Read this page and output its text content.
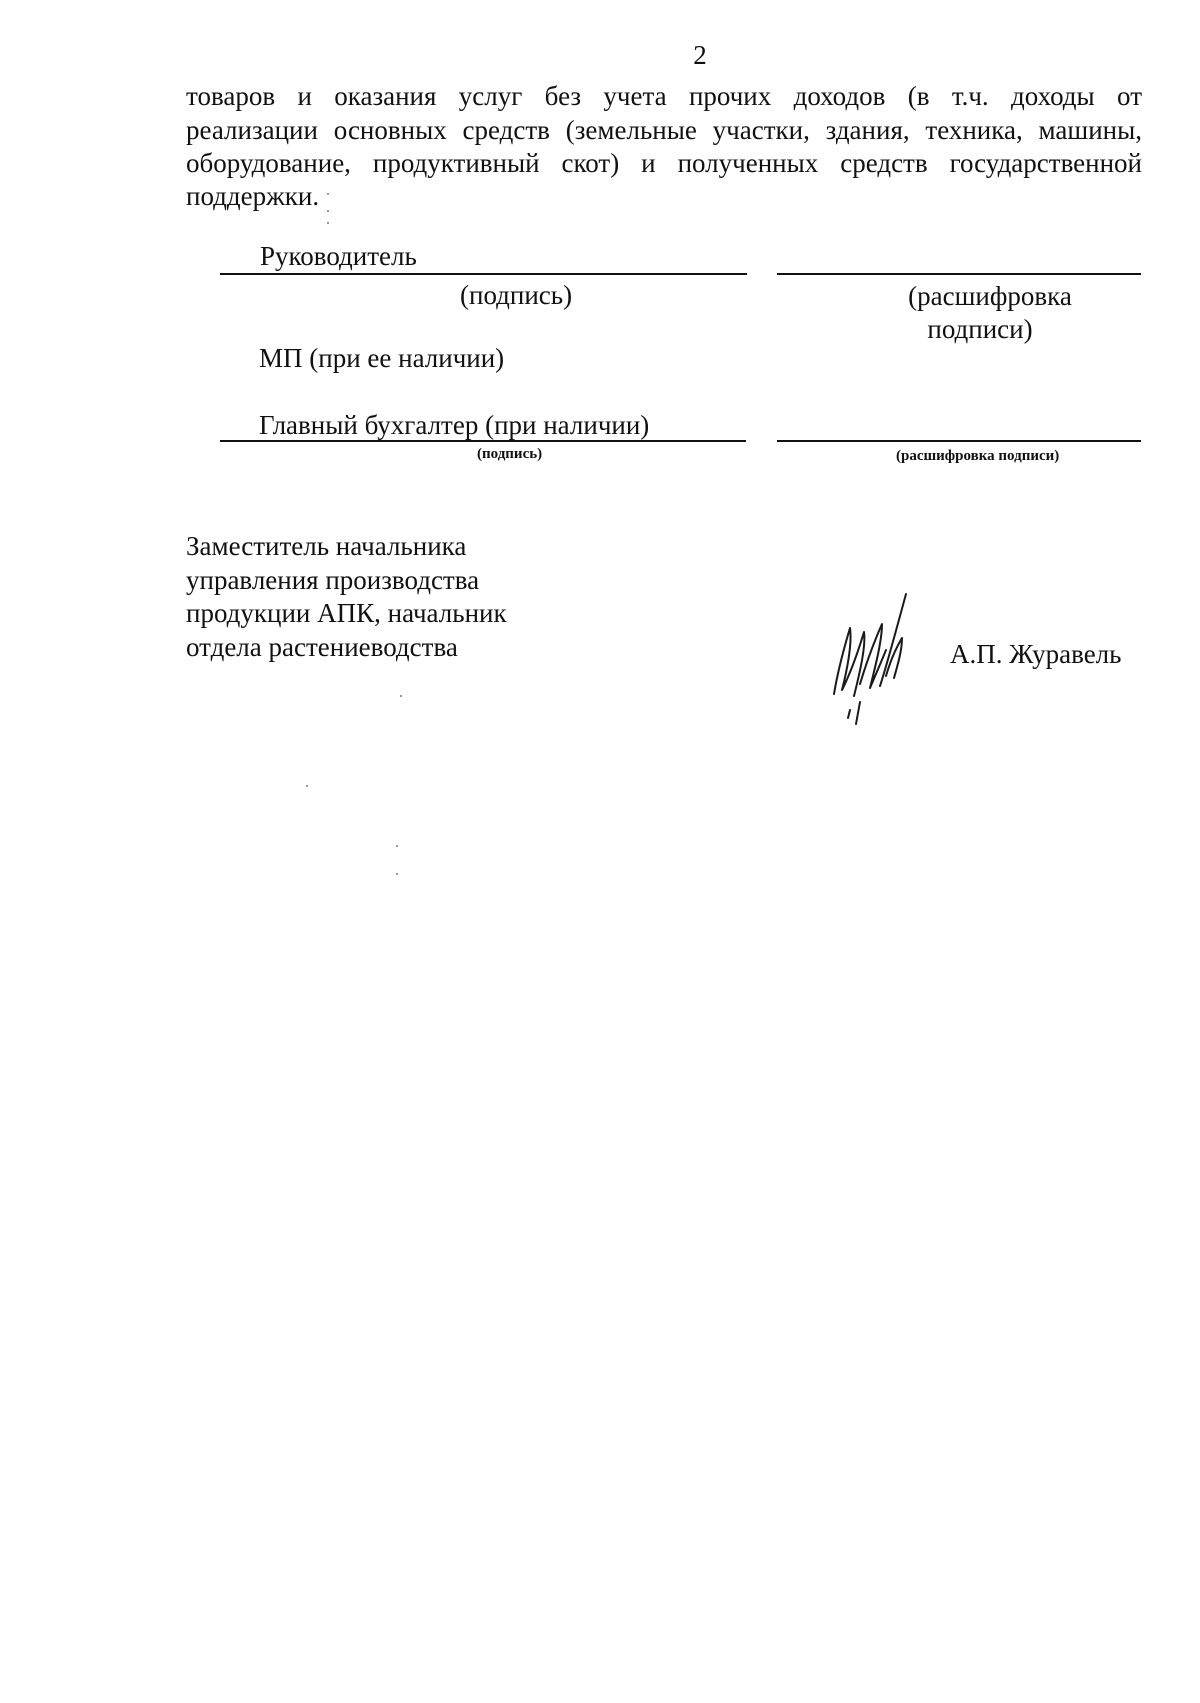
2
товаров и оказания услуг без учета прочих доходов (в т.ч. доходы от
реализации основных средств (земельные участки, здания, техника, машины,
оборудование, продуктивный скот) и полученных средств государственной
поддержки.
Руководитель
(подпись)	(расшифровка
подписи)
МП (при ее наличии)
Главный бухгалтер (при наличии)
(подпись)	(расшифровка подписи)
Заместитель начальника
управления производства
продукции АПК, начальник
отдела растениеводства	А.П. Журавель
